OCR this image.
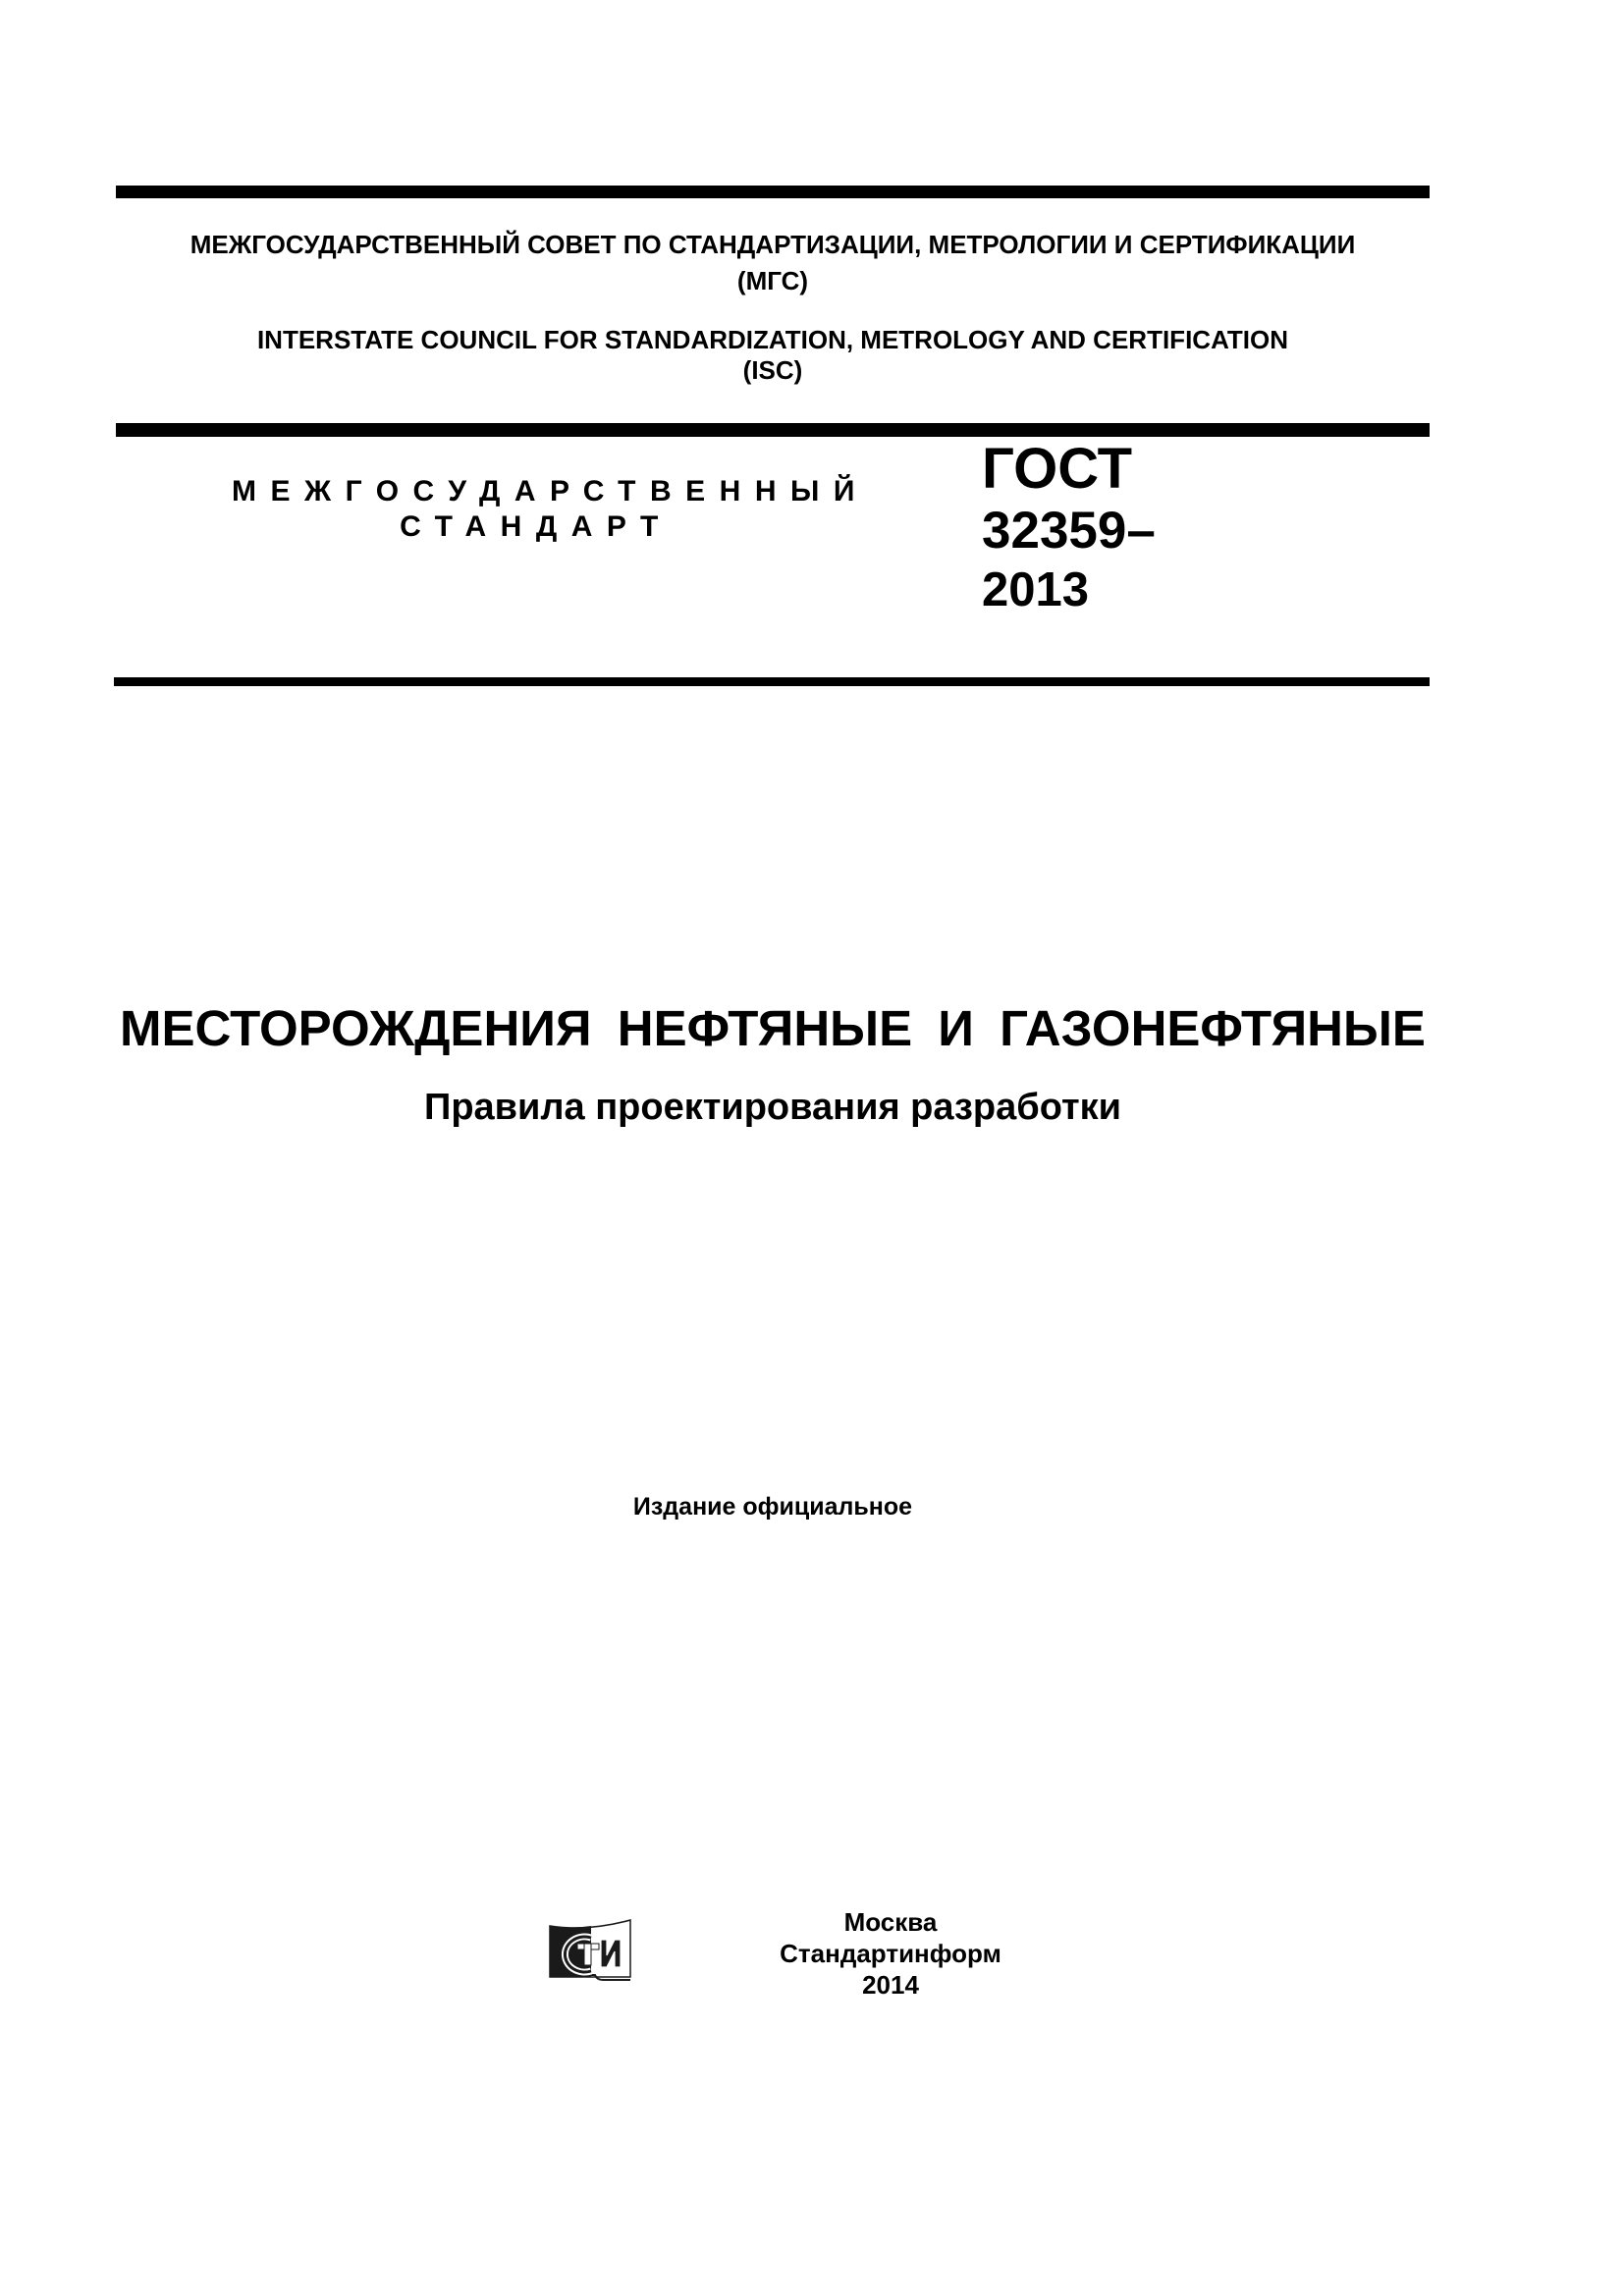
МЕЖГОСУДАРСТВЕННЫЙ СОВЕТ ПО СТАНДАРТИЗАЦИИ, МЕТРОЛОГИИ И СЕРТИФИКАЦИИ
(МГС)
INTERSTATE COUNCIL FOR STANDARDIZATION, METROLOGY AND CERTIFICATION
(ISC)
МЕЖГОСУДАРСТВЕННЫЙ
СТАНДАРТ
ГОСТ
32359–
2013
МЕСТОРОЖДЕНИЯ НЕФТЯНЫЕ И ГАЗОНЕФТЯНЫЕ
Правила проектирования разработки
Издание официальное
Москва
Стандартинформ
2014
